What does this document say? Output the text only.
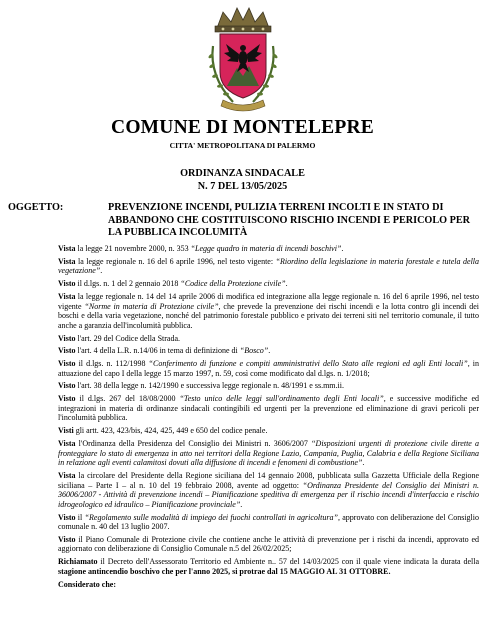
COMUNE DI MONTELEPRE
CITTA' METROPOLITANA DI PALERMO
ORDINANZA SINDACALE
N. 7 DEL 13/05/2025
OGGETTO:	PREVENZIONE INCENDI, PULIZIA TERRENI INCOLTI E IN STATO DI ABBANDONO CHE COSTITUISCONO RISCHIO INCENDI E PERICOLO PER LA PUBBLICA INCOLUMITÀ

Vista la legge 21 novembre 2000, n. 353 “Legge quadro in materia di incendi boschivi”.

Vista la legge regionale n. 16 del 6 aprile 1996, nel testo vigente: “Riordino della legislazione in materia forestale e tutela della vegetazione”.

Visto il d.lgs. n. 1 del 2 gennaio 2018 “Codice della Protezione civile”.

Vista la legge regionale n. 14 del 14 aprile 2006 di modifica ed integrazione alla legge regionale n. 16 del 6 aprile 1996, nel testo vigente “Norme in materia di Protezione civile”, che prevede la prevenzione dei rischi incendi e la lotta contro gli incendi dei boschi e della varia vegetazione, nonché del patrimonio forestale pubblico e privato dei terreni siti nel territorio comunale, il tutto anche a garanzia dell'incolumità pubblica.

Visto l'art. 29 del Codice della Strada.

Visto l'art. 4 della L.R. n.14/06 in tema di definizione di “Bosco”.

Visto il d.lgs. n. 112/1998 “Conferimento di funzione e compiti amministrativi dello Stato alle regioni ed agli Enti locali”, in attuazione del capo I della legge 15 marzo 1997, n. 59, così come modificato dal d.lgs. n. 1/2018;

Visto l'art. 38 della legge n. 142/1990 e successiva legge regionale n. 48/1991 e ss.mm.ii.

Visto il d.lgs. 267 del 18/08/2000 “Testo unico delle leggi sull'ordinamento degli Enti locali”, e successive modifiche ed integrazioni in materia di ordinanze sindacali contingibili ed urgenti per la prevenzione ed eliminazione di gravi pericoli per l'incolumità pubblica.

Visti gli artt. 423, 423/bis, 424, 425, 449 e 650 del codice penale.

Vista l'Ordinanza della Presidenza del Consiglio dei Ministri n. 3606/2007 “Disposizioni urgenti di protezione civile dirette a fronteggiare lo stato di emergenza in atto nei territori della Regione Lazio, Campania, Puglia, Calabria e della Regione Siciliana in relazione agli eventi calamitosi dovuti alla diffusione di incendi e fenomeni di combustione”.

Vista la circolare del Presidente della Regione siciliana del 14 gennaio 2008, pubblicata sulla Gazzetta Ufficiale della Regione siciliana – Parte I – al n. 10 del 19 febbraio 2008, avente ad oggetto: “Ordinanza Presidente del Consiglio dei Ministri n. 36006/2007 - Attività di prevenzione incendi – Pianificazione speditiva di emergenza per il rischio incendi d'interfaccia e rischio idrogeologico ed idraulico – Pianificazione provinciale”.

Visto il “Regolamento sulle modalità di impiego dei fuochi controllati in agricoltura”, approvato con deliberazione del Consiglio comunale n. 40 del 13 luglio 2007.

Visto il Piano Comunale di Protezione civile che contiene anche le attività di prevenzione per i rischi da incendi, approvato ed aggiornato con deliberazione di Consiglio Comunale n.5 del 26/02/2025;

Richiamato il Decreto dell'Assessorato Territorio ed Ambiente n.. 57 del 14/03/2025 con il quale viene indicata la durata della stagione antincendio boschivo che per l'anno 2025, si protrae dal 15 MAGGIO AL 31 OTTOBRE.

Considerato che:
